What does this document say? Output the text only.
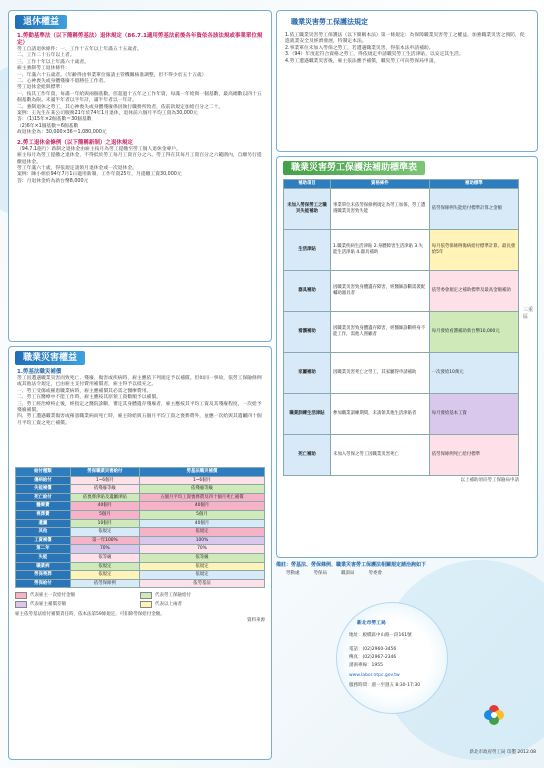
退休權益
1.勞動基準法（以下簡稱勞基法）退休規定（86.7.1適用勞基法前後各年資依各該法規或事業單位規定）
勞工自請退休條件：一、工作十五年以上年滿五十五歲者。
二、工作二十五年以上者。
三、工作十年以上年滿六十歲者。
雇主強制勞工退休條件：
一、年滿六十五歲者。（年齡得由事業單位報請主管機關核准調整，但不得少於五十五歲）
二、心神喪失或身體殘廢不堪勝任工作者。
勞工退休金給與標準：
一、按其工作年資，每滿一年給與兩個基數。但超過十五年之工作年資，每滿一年給與一個基數，最高總數以四十五個基數為限。未滿半年者以半年計，滿半年者以一年計。
二、強制退休之勞工，其心神喪失或身體殘廢係因執行職務所致者，依前款規定加給百分之二十。
案例：王先生在某公司服務21年於74年1月退休，退休前六個月平均工資為30,000元
答：（1)15年×2個基數＝30個基數
（2)6年×1個基數＝6個基數
故退休金為：30,000×36＝1,080,000元
2.勞工退休金條例（以下簡稱新制）之退休規定
（94.7.1施行）新制之退休金由雇主按月為勞工提繳至勞工個人退休金專戶。
雇主每月為勞工提繳之退休金，不得低於勞工每月工資百分之六。勞工得在其每月工資百分之六範圍內，自願另行提繳退休金。
勞工年滿六十歲，得依規定請領月退休金或一次退休金。
案例：陳小姐於94年7月1日適用新制，工作年資25年，月提繳工資30,000元
答：月退休金約為新台幣8,000元
職業災害權益
1.勞基法職災補償
勞工因遭遇職業災害而致死亡、殘廢、傷害或疾病時，雇主應依下列規定予以補償。但如同一事故，依勞工保險條例或其他法令規定，已由雇主支付費用補償者，雇主得予以抵充之。
一、勞工受傷或罹患職業病時，雇主應補償其必需之醫療費用。
二、勞工在醫療中不能工作時，雇主應按其原領工資數額予以補償。
三、勞工經治療終止後，經指定之醫院診斷，審定其身體遺存殘廢者，雇主應按其平均工資及其殘廢程度，一次給予殘廢補償。
四、勞工遭遇職業傷害或罹患職業病而死亡時，雇主除給與五個月平均工資之喪葬費外，並應一次給與其遺屬四十個月平均工資之死亡補償。
給付種類	勞保職業災害給付	勞基法職災補償
傷病給付	1~6個月	1~6個月
失能補償	依殘廢等級	依殘廢等級
死亡給付	依喪葬津貼及遺屬津貼	五個月平均工資喪葬費及四十個月死亡補償
醫療費	40個月	40個月
喪葬費	5個月	5個月
遺屬	10個月	40個月
其他	依規定	依規定
工資補償	第一年100%	100%
第二年	70%	70%
失能	依等級	依等級
職業病	依規定	依規定
勞保喪葬	依規定	依規定
勞保給付	依勞保條例	依勞基法
代表雇主一次給付金額	代表勞工保險給付
代表雇主補償差額	代表以上兩者
雇主依勞基法給付補償責任時，依本法第59條規定，可扣除勞保給付金額。
資料來源
職業災害勞工保護法規定
1.依工職業災害勞工保護法（以下簡稱本法）第一條規定：為保障職業災害勞工之權益，加強職業災害之預防，促進就業安全及經濟發展，特制定本法。
2.事業單位未加入勞保之勞工，若遭遇職業災害，得依本法申請補助。
3.（94）年度起符合資格之勞工，得依規定申請職災勞工生活津貼，以安定其生活。
4.勞工遭遇職業災害後，雇主依法應予補償，職災勞工可向勞保局申請。
職業災害勞工保護法補助標準表
補助項目	資格條件	補助標準
未加入勞保勞工之職災失能補助	事業單位未依勞保條例規定為勞工加保，勞工遭遇職業災害致失能	依勞保條例失能給付標準計算之金額
生活津貼	1.職業疾病生活津貼 2.身體障害生活津貼 3.失能生活津貼 4.器具補助	每月依勞保條例傷病給付標準計算，最長發給5年
器具補助	因職業災害致身體遺存障害，經醫師診斷需裝配輔助器具者	依勞委會規定之補助標準及最高金額補助
看護補助	因職業災害致身體遺存障害，經醫師診斷終身不能工作，需他人照顧者	每月發給看護補助新台幣10,000元
家屬補助	因職業災害死亡之勞工，其家屬得申請補助	一次發給10萬元
職業訓練生活津貼	參加職業訓練期間，未請領其他生活津貼者	每月發給基本工資
死亡補助	未加入勞保之勞工因職業災害死亡	依勞保條例死亡給付標準
以上補助須向勞工保險局申請
三重區
備註：勞基法、勞保條例、職業災害勞工保護法相關規定請洽詢如下
勞動處	勞保局	職訓局	勞委會
新北市勞工局
地址：板橋區中山路一段161號
電話：(02)2960-3456
傳真：(02)2967-2346
諮詢專線：1955
www.labor.ntpc.gov.tw
服務時間：週一至週五 8:30-17:30
新北市政府勞工局 印製 2012.08
